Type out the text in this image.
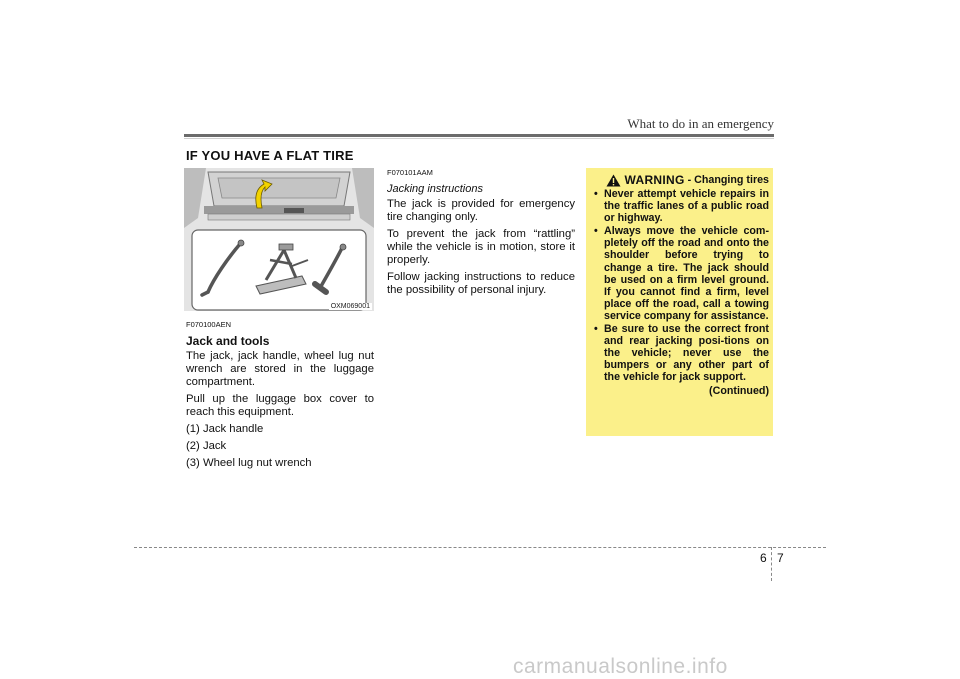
What to do in an emergency
IF YOU HAVE A FLAT TIRE
OXM069001
F070100AEN
Jack and tools

The jack, jack handle, wheel lug nut wrench are stored in the luggage compartment.

Pull up the luggage box cover to reach this equipment.

(1) Jack handle

(2) Jack

(3) Wheel lug nut wrench

F070101AAM
Jacking instructions

The jack is provided for emergency tire changing only.

To prevent the jack from “rattling” while the vehicle is in motion, store it properly.

Follow jacking instructions to reduce the possibility of personal injury.

WARNING - Changing tires
• Never attempt vehicle repairs in the traffic lanes of a public road or highway.
• Always move the vehicle com-pletely off the road and onto the shoulder before trying to change a tire. The jack should be used on a firm level ground. If you cannot find a firm, level place off the road, call a towing service company for assistance.
• Be sure to use the correct front and rear jacking posi-tions on the vehicle; never use the bumpers or any other part of the vehicle for jack support.
(Continued)
6 7
carmanualsonline.info
